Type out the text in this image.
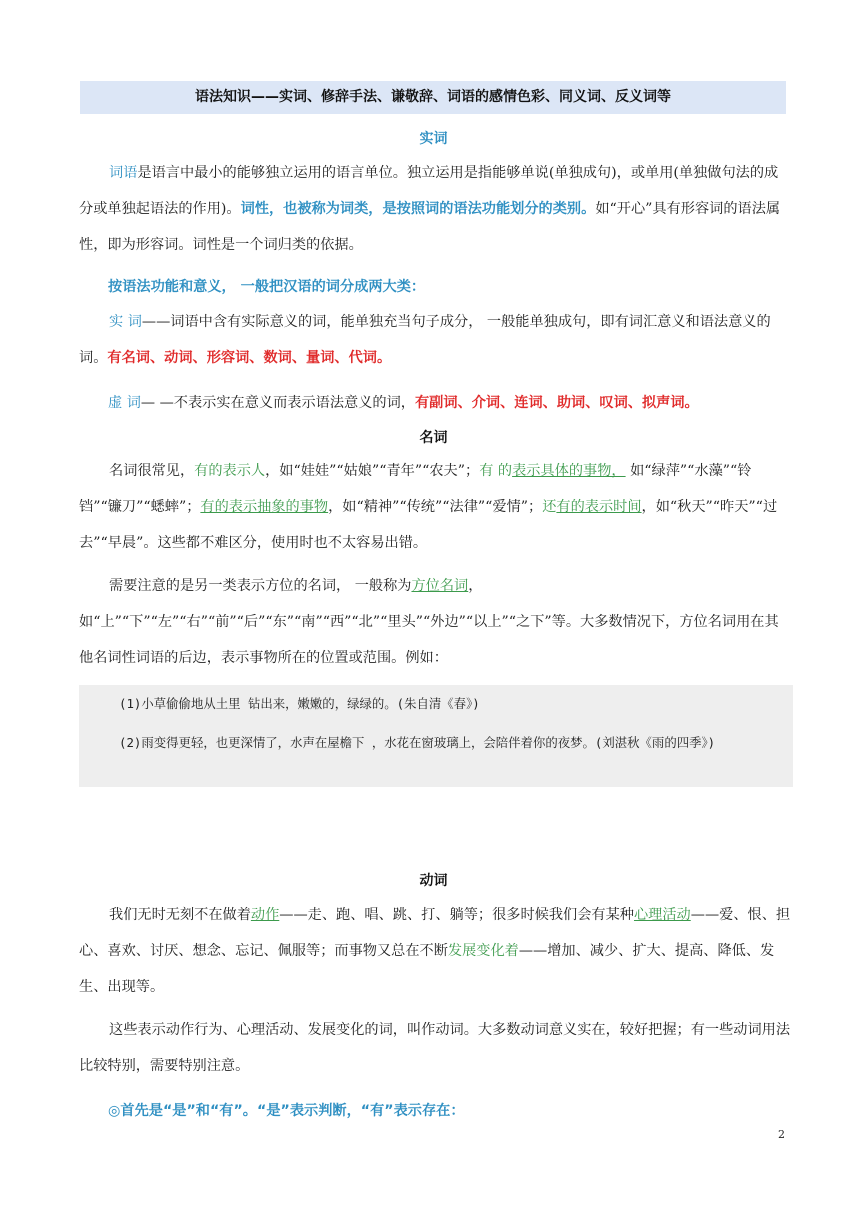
语法知识——实词、修辞手法、谦敬辞、词语的感情色彩、同义词、反义词等
实词

词语是语言中最小的能够独立运用的语言单位。独立运用是指能够单说(单独成句)，或单用(单独做句法的成分或单独起语法的作用)。词性，也被称为词类，是按照词的语法功能划分的类别。如“开心”具有形容词的语法属性，即为形容词。词性是一个词归类的依据。

按语法功能和意义， 一般把汉语的词分成两大类：

实 词——词语中含有实际意义的词，能单独充当句子成分， 一般能单独成句，即有词汇意义和语法意义的词。有名词、动词、形容词、数词、量词、代词。

虚 词— —不表示实在意义而表示语法意义的词，有副词、介词、连词、助词、叹词、拟声词。
名词

名词很常见，有的表示人，如“娃娃”“姑娘”“青年”“农夫”；有 的表示具体的事物， 如“绿萍”“水藻”“铃铛”“镰刀”“蟋蟀”；有的表示抽象的事物，如“精神”“传统”“法律”“爱情”；还有的表示时间，如“秋天”“昨天”“过去”“早晨”。这些都不难区分，使用时也不太容易出错。

需要注意的是另一类表示方位的名词， 一般称为方位名词，如“上”“下”“左”“右”“前”“后”“东”“南”“西”“北”“里头”“外边”“以上”“之下”等。大多数情况下，方位名词用在其他名词性词语的后边，表示事物所在的位置或范围。例如：

(1)小草偷偷地从土里 钻出来，嫩嫩的，绿绿的。(朱自清《春》)
(2)雨变得更轻，也更深情了，水声在屋檐下 ，水花在窗玻璃上，会陪伴着你的夜梦。(刘湛秋《雨的四季》)
动词

我们无时无刻不在做着动作——走、跑、唱、跳、打、躺等；很多时候我们会有某种心理活动——爱、恨、担心、喜欢、讨厌、想念、忘记、佩服等；而事物又总在不断发展变化着——增加、减少、扩大、提高、降低、发生、出现等。

这些表示动作行为、心理活动、发展变化的词，叫作动词。大多数动词意义实在，较好把握；有一些动词用法比较特别，需要特别注意。

◎首先是“是”和“有”。“是”表示判断，“有”表示存在：
2
